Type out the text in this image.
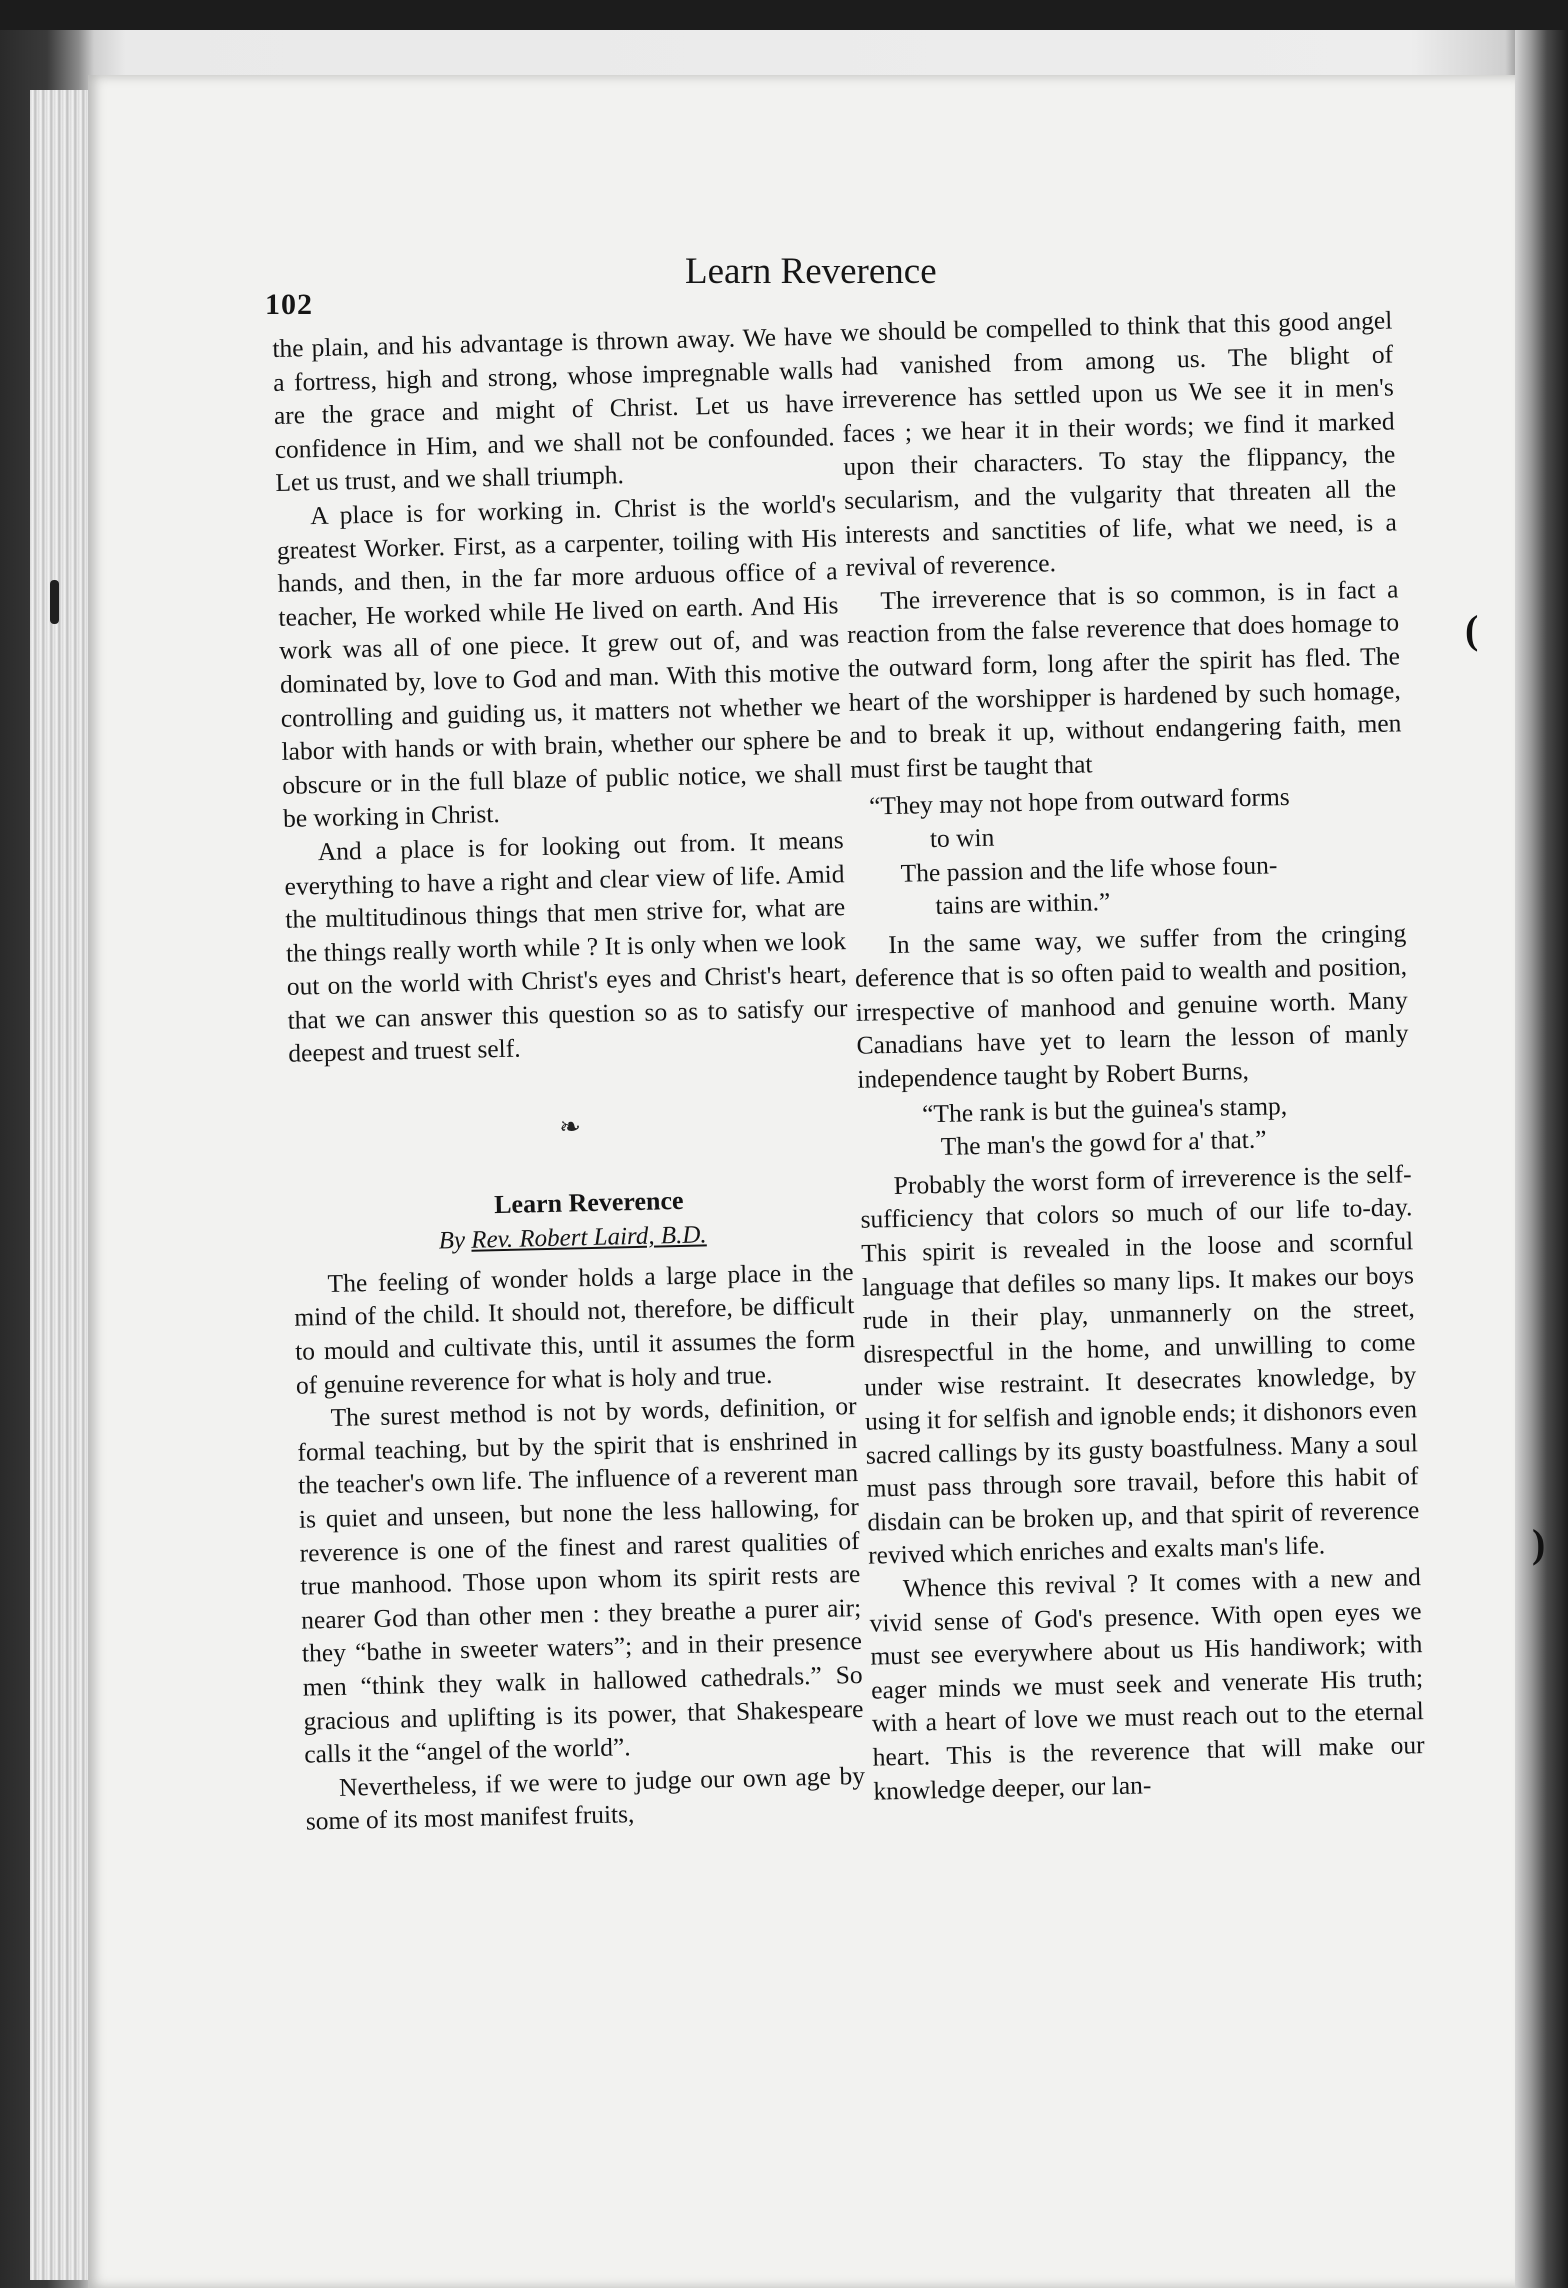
(
)
102
Learn Reverence

the plain, and his advantage is thrown away. We have a fortress, high and strong, whose impregnable walls are the grace and might of Christ. Let us have confidence in Him, and we shall not be confounded. Let us trust, and we shall triumph.

A place is for working in. Christ is the world's greatest Worker. First, as a carpenter, toiling with His hands, and then, in the far more arduous office of a teacher, He worked while He lived on earth. And His work was all of one piece. It grew out of, and was dominated by, love to God and man. With this motive controlling and guiding us, it matters not whether we labor with hands or with brain, whether our sphere be obscure or in the full blaze of public notice, we shall be working in Christ.

And a place is for looking out from. It means everything to have a right and clear view of life. Amid the multitudinous things that men strive for, what are the things really worth while ? It is only when we look out on the world with Christ's eyes and Christ's heart, that we can answer this question so as to satisfy our deepest and truest self.

❧

Learn Reverence

By Rev. Robert Laird, B.D.

The feeling of wonder holds a large place in the mind of the child. It should not, therefore, be difficult to mould and cultivate this, until it assumes the form of genuine reverence for what is holy and true.

The surest method is not by words, definition, or formal teaching, but by the spirit that is enshrined in the teacher's own life. The influence of a reverent man is quiet and unseen, but none the less hallowing, for reverence is one of the finest and rarest qualities of true manhood. Those upon whom its spirit rests are nearer God than other men : they breathe a purer air; they “bathe in sweeter waters”; and in their presence men “think they walk in hallowed cathedrals.” So gracious and uplifting is its power, that Shakespeare calls it the “angel of the world”.

Nevertheless, if we were to judge our own age by some of its most manifest fruits,

we should be compelled to think that this good angel had vanished from among us. The blight of irreverence has settled upon us We see it in men's faces ; we hear it in their words; we find it marked upon their characters. To stay the flippancy, the secularism, and the vulgarity that threaten all the interests and sanctities of life, what we need, is a revival of reverence.

The irreverence that is so common, is in fact a reaction from the false reverence that does homage to the outward form, long after the spirit has fled. The heart of the worshipper is hardened by such homage, and to break it up, without endangering faith, men must first be taught that

“They may not hope from outward forms
to win
The passion and the life whose foun-
tains are within.”

In the same way, we suffer from the cringing deference that is so often paid to wealth and position, irrespective of manhood and genuine worth. Many Canadians have yet to learn the lesson of manly independence taught by Robert Burns,

“The rank is but the guinea's stamp,
The man's the gowd for a' that.”

Probably the worst form of irreverence is the self-sufficiency that colors so much of our life to-day. This spirit is revealed in the loose and scornful language that defiles so many lips. It makes our boys rude in their play, unmannerly on the street, disrespectful in the home, and unwilling to come under wise restraint. It desecrates knowledge, by using it for selfish and ignoble ends; it dishonors even sacred callings by its gusty boastfulness. Many a soul must pass through sore travail, before this habit of disdain can be broken up, and that spirit of reverence revived which enriches and exalts man's life.

Whence this revival ? It comes with a new and vivid sense of God's presence. With open eyes we must see everywhere about us His handiwork; with eager minds we must seek and venerate His truth; with a heart of love we must reach out to the eternal heart. This is the reverence that will make our knowledge deeper, our lan-
